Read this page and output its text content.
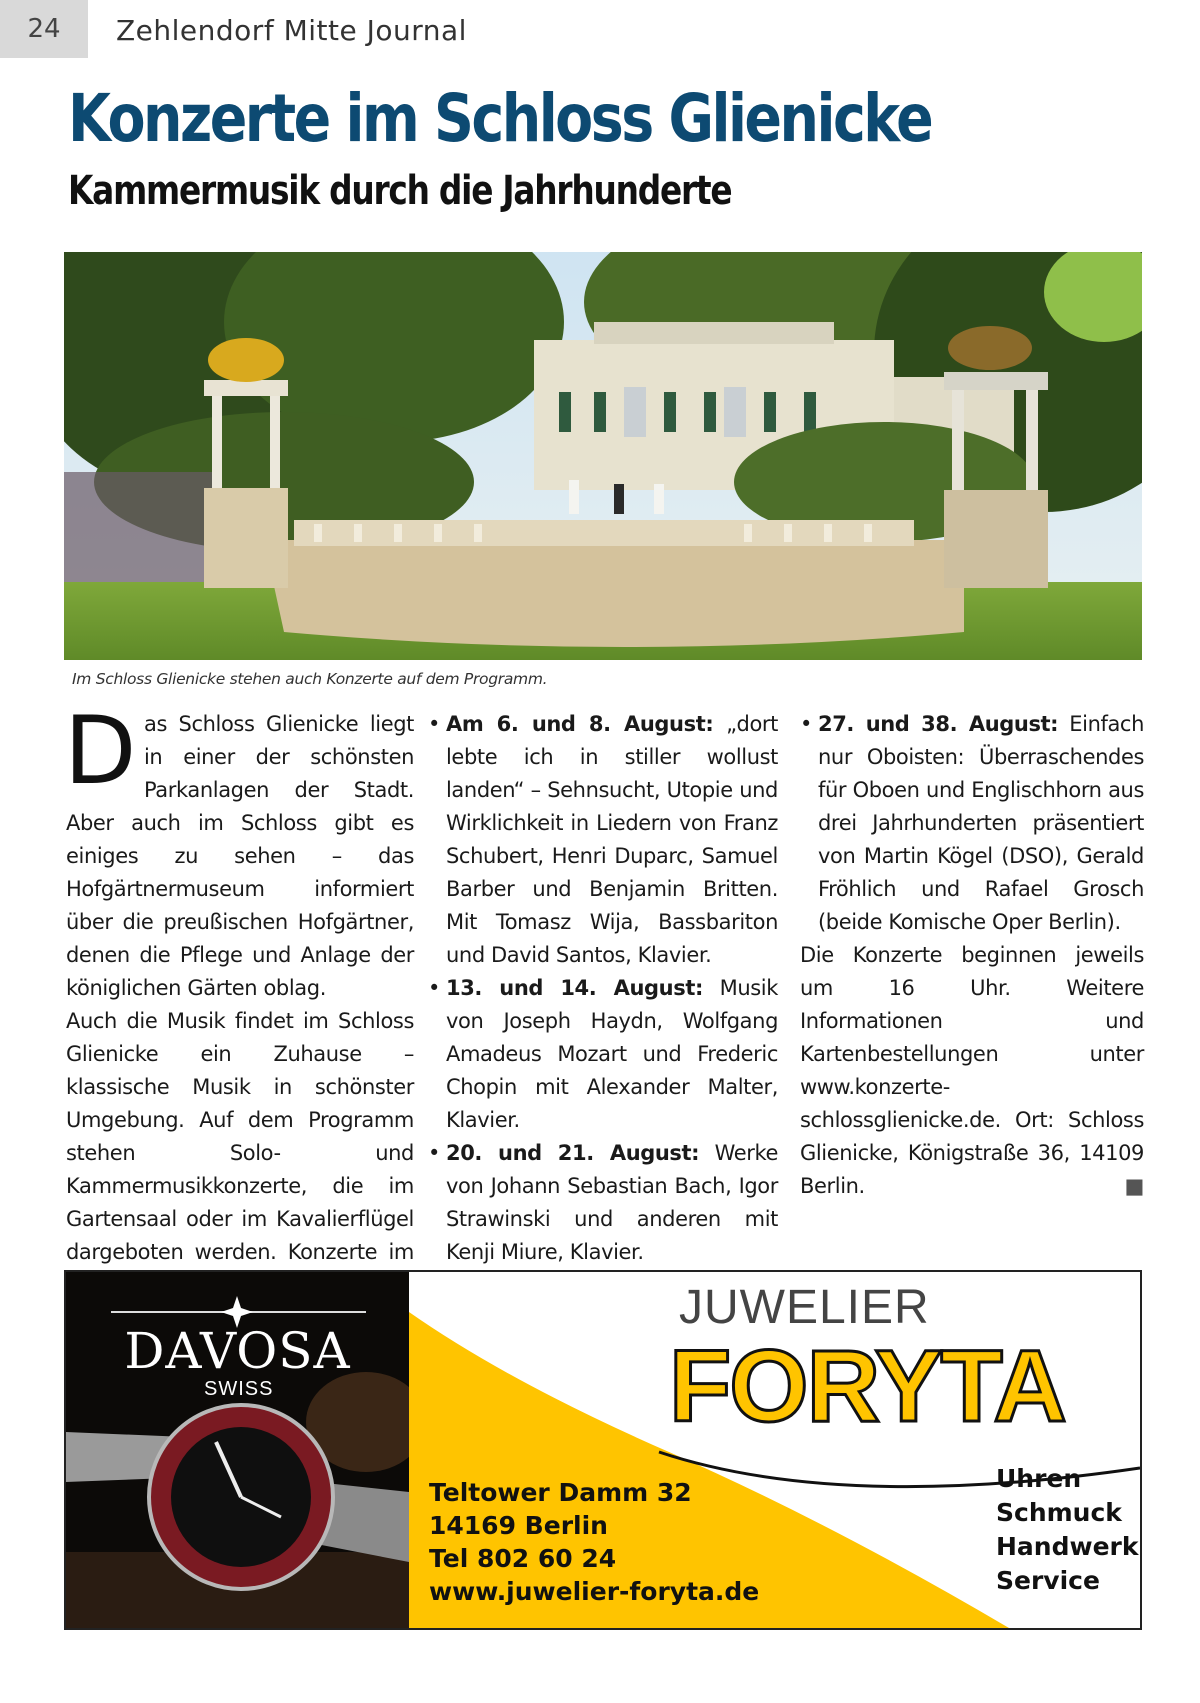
24	Zehlendorf Mitte Journal
Konzerte im Schloss Glienicke
Kammermusik durch die Jahrhunderte
Im Schloss Glienicke stehen auch Konzerte auf dem Programm.

Das Schloss Glienicke liegt in einer der schönsten Parkanlagen der Stadt. Aber auch im Schloss gibt es einiges zu sehen – das Hofgärtnermuseum informiert über die preußischen Hofgärtner, denen die Pflege und Anlage der königlichen Gärten oblag.

Auch die Musik findet im Schloss Glienicke ein Zuhause – klassische Musik in schönster Umgebung. Auf dem Programm stehen Solo- und Kammermusikkonzerte, die im Gartensaal oder im Kavalierflügel dargeboten werden. Konzerte im

• Am 6. und 8. August: „dort lebte ich in stiller wollust landen“ – Sehnsucht, Utopie und Wirklichkeit in Liedern von Franz Schubert, Henri Duparc, Samuel Barber und Benjamin Britten. Mit Tomasz Wija, Bassbariton und David Santos, Klavier.
• 13. und 14. August: Musik von Joseph Haydn, Wolfgang Amadeus Mozart und Frederic Chopin mit Alexander Malter, Klavier.
• 20. und 21. August: Werke von Johann Sebastian Bach, Igor Strawinski und anderen mit Kenji Miure, Klavier.
• 27. und 38. August: Einfach nur Oboisten: Überraschendes für Oboen und Englischhorn aus drei Jahrhunderten präsentiert von Martin Kögel (DSO), Gerald Fröhlich und Rafael Grosch (beide Komische Oper Berlin).

Die Konzerte beginnen jeweils um 16 Uhr. Weitere Informationen und Kartenbestellungen unter www.konzerte-schlossglienicke.de. Ort: Schloss Glienicke, Königstraße 36, 14109 Berlin.	■

DAVOSA
SWISS
JUWELIER
FORYTA
Teltower Damm 32
14169 Berlin
Tel 802 60 24
www.juwelier-foryta.de
Uhren
Schmuck
Handwerk
Service
